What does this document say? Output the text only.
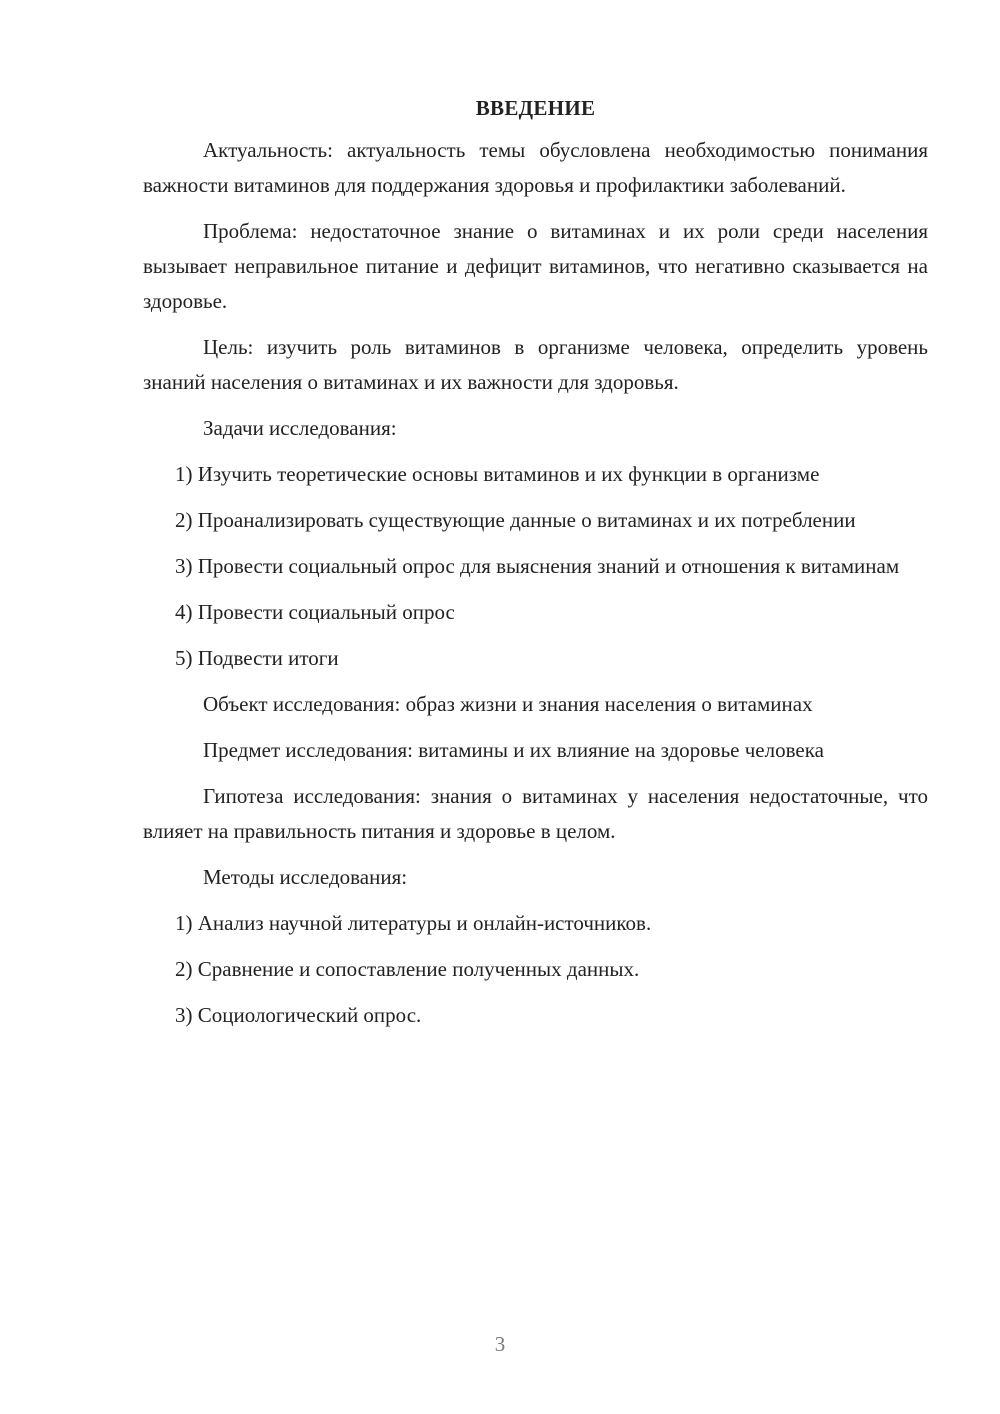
ВВЕДЕНИЕ

Актуальность: актуальность темы обусловлена необходимостью понимания важности витаминов для поддержания здоровья и профилактики заболеваний.

Проблема: недостаточное знание о витаминах и их роли среди населения вызывает неправильное питание и дефицит витаминов, что негативно сказывается на здоровье.

Цель: изучить роль витаминов в организме человека, определить уровень знаний населения о витаминах и их важности для здоровья.

Задачи исследования:

1) Изучить теоретические основы витаминов и их функции в организме

2) Проанализировать существующие данные о витаминах и их потреблении

3) Провести социальный опрос для выяснения знаний и отношения к витаминам

4) Провести социальный опрос

5) Подвести итоги

Объект исследования: образ жизни и знания населения о витаминах

Предмет исследования: витамины и их влияние на здоровье человека

Гипотеза исследования: знания о витаминах у населения недостаточные, что влияет на правильность питания и здоровье в целом.

Методы исследования:

1) Анализ научной литературы и онлайн-источников.

2) Сравнение и сопоставление полученных данных.

3) Социологический опрос.

3
